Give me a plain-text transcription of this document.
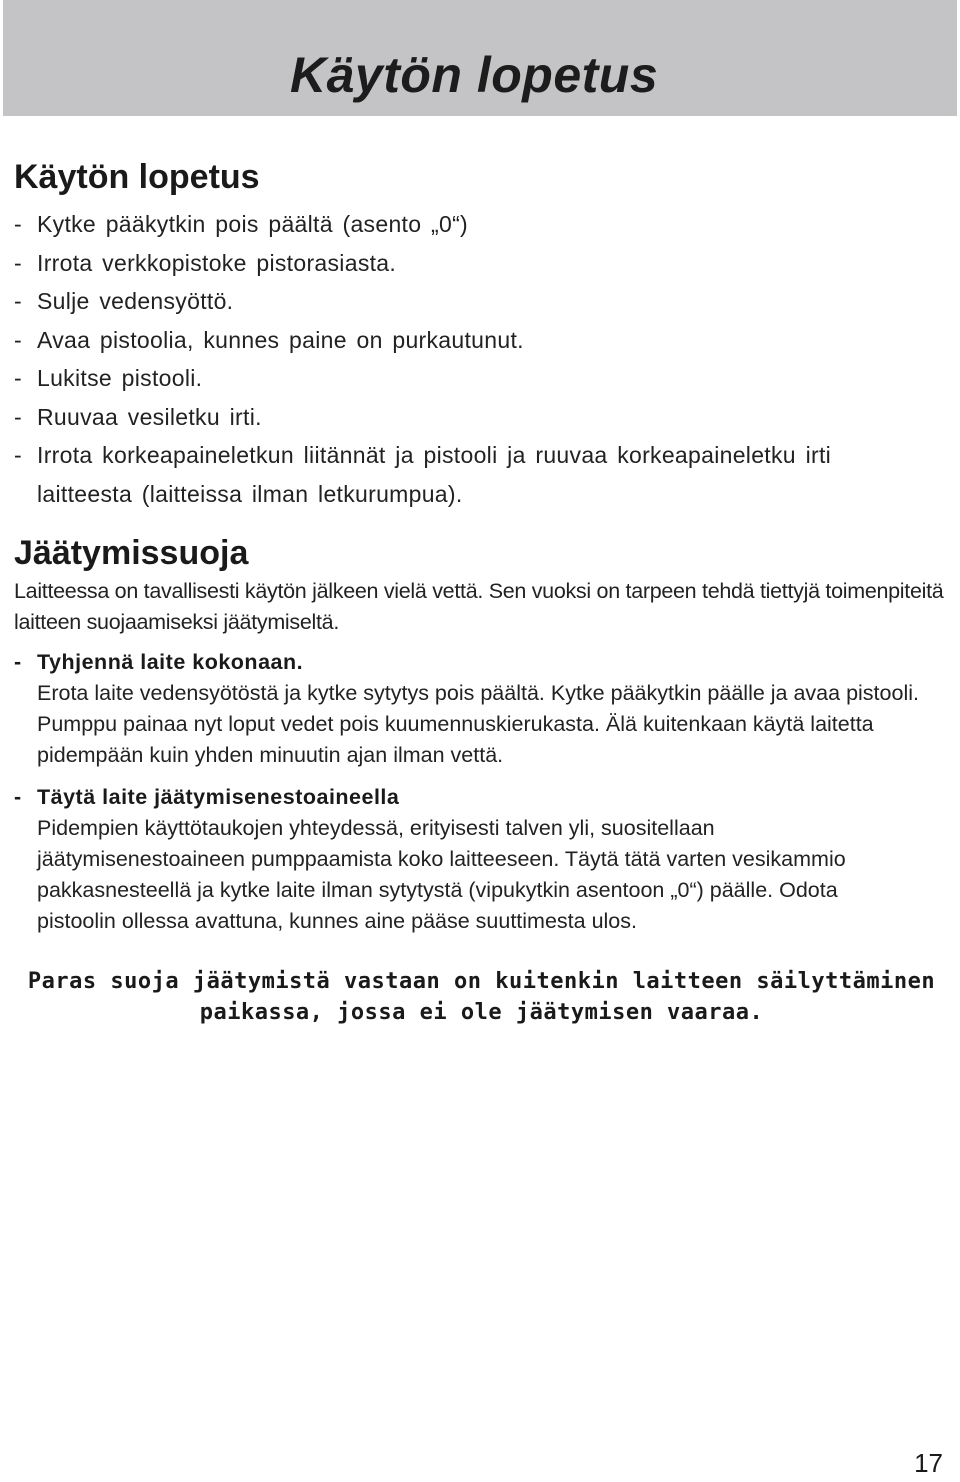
Käytön lopetus
Käytön lopetus
- Kytke pääkytkin pois päältä (asento „0“)
- Irrota verkkopistoke pistorasiasta.
- Sulje vedensyöttö.
- Avaa pistoolia, kunnes paine on purkautunut.
- Lukitse pistooli.
- Ruuvaa vesiletku irti.
- Irrota korkeapaineletkun liitännät ja pistooli ja ruuvaa korkeapaineletku irti laitteesta (laitteissa ilman letkurumpua).
Jäätymissuoja
Laitteessa on tavallisesti käytön jälkeen vielä vettä. Sen vuoksi on tarpeen tehdä tiettyjä toimenpiteitä laitteen suojaamiseksi jäätymiseltä.
- Tyhjennä laite kokonaan.
Erota laite vedensyötöstä ja kytke sytytys pois päältä. Kytke pääkytkin päälle ja avaa pistooli. Pumppu painaa nyt loput vedet pois kuumennuskierukasta. Älä kuitenkaan käytä laitetta pidempään kuin yhden minuutin ajan ilman vettä.
- Täytä laite jäätymisenestoaineella
Pidempien käyttötaukojen yhteydessä, erityisesti talven yli, suositellaan jäätymisenestoaineen pumppaamista koko laitteeseen. Täytä tätä varten vesikammio pakkasnesteellä ja kytke laite ilman sytytystä (vipukytkin asentoon „0“) päälle. Odota pistoolin ollessa avattuna, kunnes aine pääse suuttimesta ulos.
Paras suoja jäätymistä vastaan on kuitenkin laitteen säilyttäminen paikassa, jossa ei ole jäätymisen vaaraa.
17
